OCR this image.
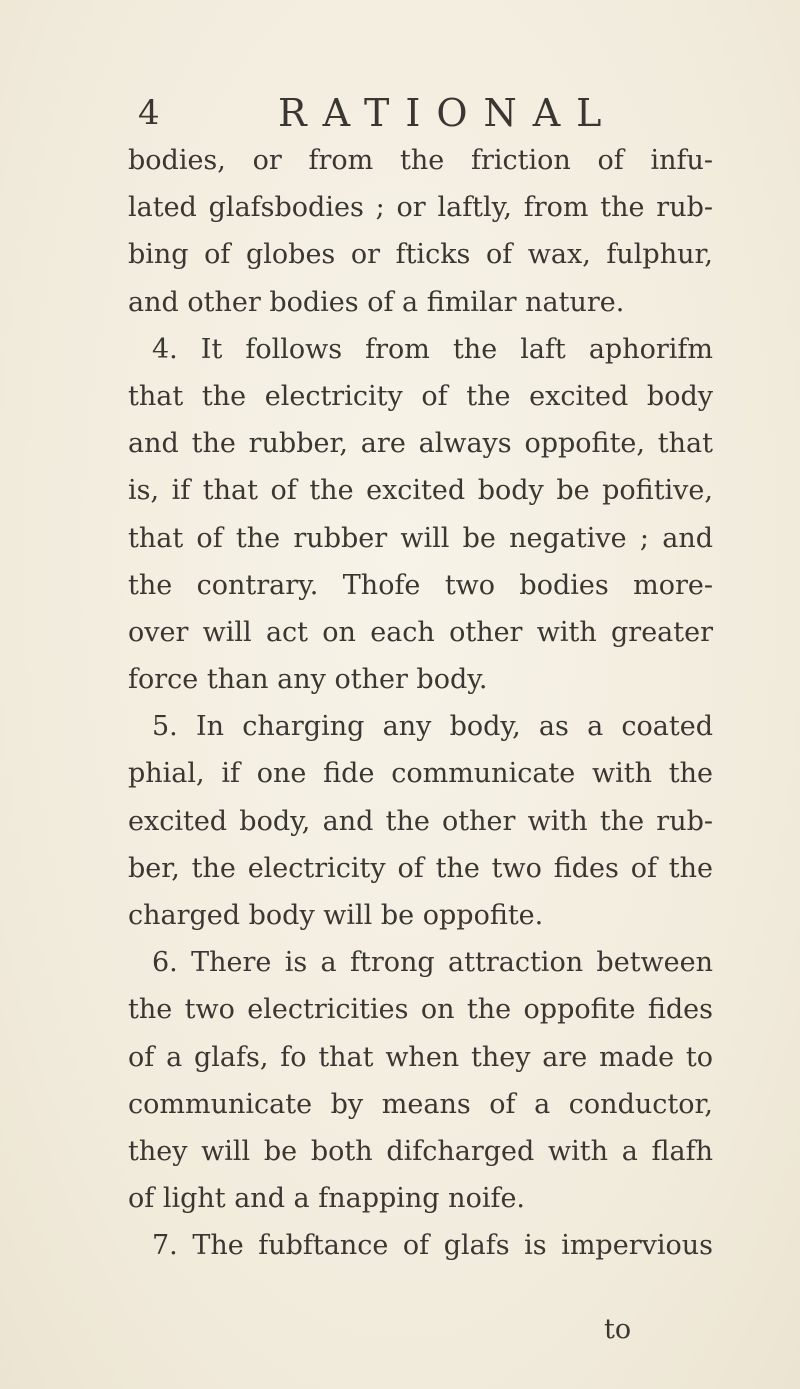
4	RATIONAL
bodies, or from the friction of infu-
lated glafsbodies ; or laftly, from the rub-
bing of globes or fticks of wax, fulphur,
and other bodies of a fimilar nature.
4. It follows from the laft aphorifm
that the electricity of the excited body
and the rubber, are always oppofite, that
is, if that of the excited body be pofitive,
that of the rubber will be negative ; and
the contrary. Thofe two bodies more-
over will act on each other with greater
force than any other body.
5. In charging any body, as a coated
phial, if one fide communicate with the
excited body, and the other with the rub-
ber, the electricity of the two fides of the
charged body will be oppofite.
6. There is a ftrong attraction between
the two electricities on the oppofite fides
of a glafs, fo that when they are made to
communicate by means of a conductor,
they will be both difcharged with a flafh
of light and a fnapping noife.
7. The fubftance of glafs is impervious
to
